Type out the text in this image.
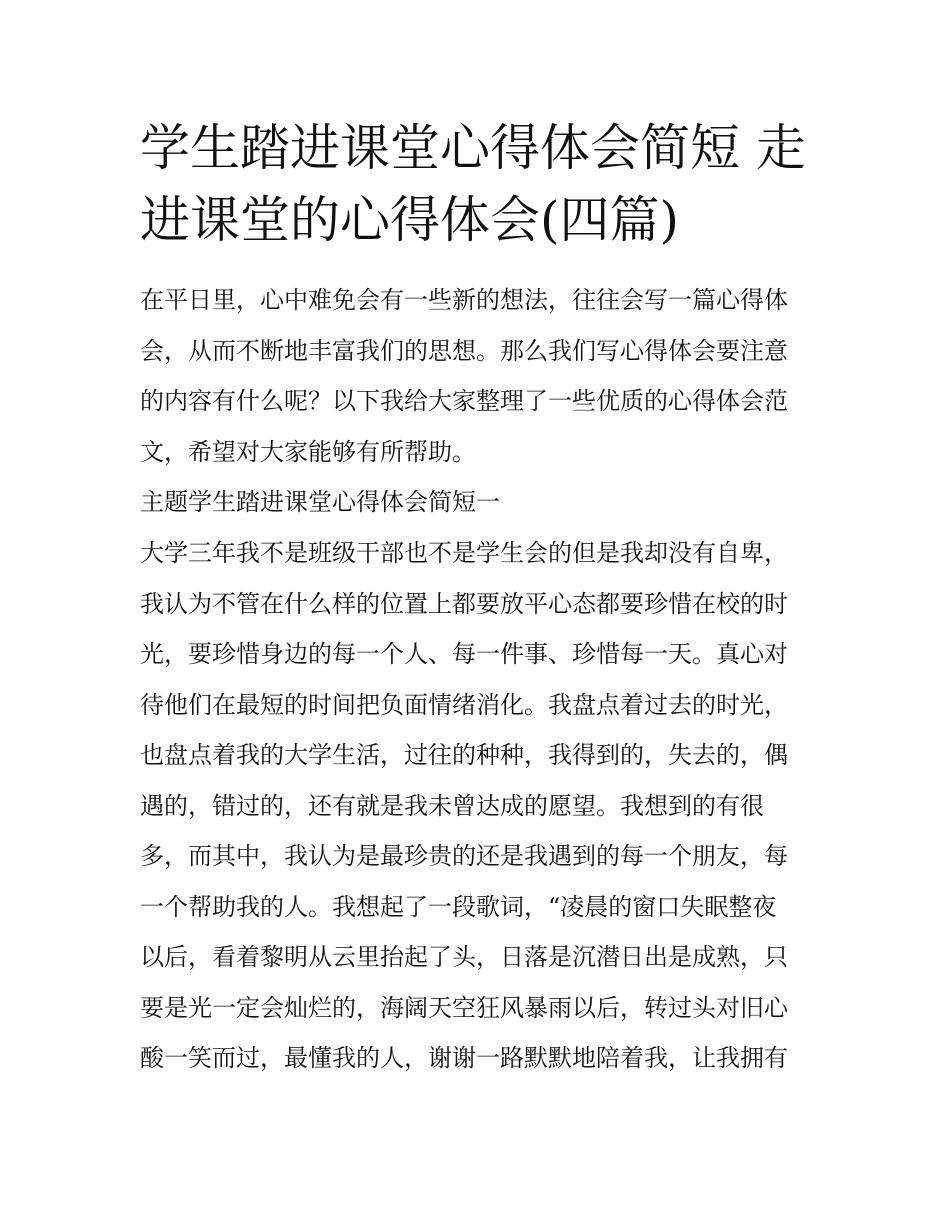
学生踏进课堂心得体会简短 走
进课堂的心得体会(四篇)
在平日里，心中难免会有一些新的想法，往往会写一篇心得体
会，从而不断地丰富我们的思想。那么我们写心得体会要注意
的内容有什么呢？以下我给大家整理了一些优质的心得体会范
文，希望对大家能够有所帮助。
主题学生踏进课堂心得体会简短一
大学三年我不是班级干部也不是学生会的但是我却没有自卑，
我认为不管在什么样的位置上都要放平心态都要珍惜在校的时
光，要珍惜身边的每一个人、每一件事、珍惜每一天。真心对
待他们在最短的时间把负面情绪消化。我盘点着过去的时光，
也盘点着我的大学生活，过往的种种，我得到的，失去的，偶
遇的，错过的，还有就是我未曾达成的愿望。我想到的有很
多，而其中，我认为是最珍贵的还是我遇到的每一个朋友，每
一个帮助我的人。我想起了一段歌词，“凌晨的窗口失眠整夜
以后，看着黎明从云里抬起了头，日落是沉潜日出是成熟，只
要是光一定会灿烂的，海阔天空狂风暴雨以后，转过头对旧心
酸一笑而过，最懂我的人，谢谢一路默默地陪着我，让我拥有
